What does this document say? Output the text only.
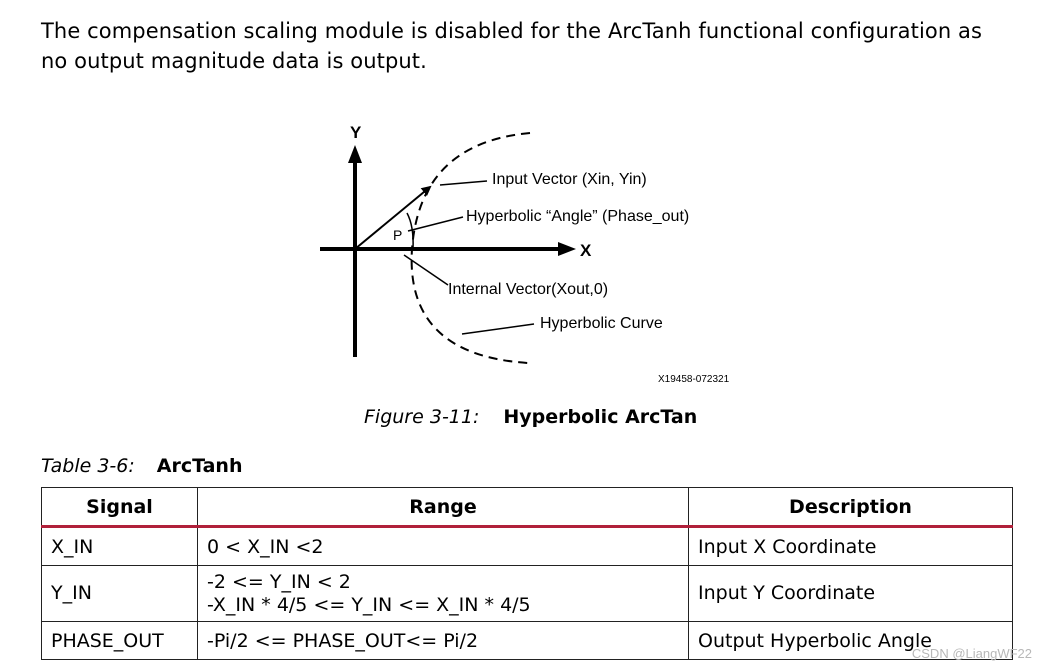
The compensation scaling module is disabled for the ArcTanh functional configuration as
no output magnitude data is output.
Y
X
P
Input Vector (Xin, Yin)
Hyperbolic “Angle” (Phase_out)
Internal Vector(Xout,0)
Hyperbolic Curve
X19458-072321
Figure 3-11: Hyperbolic ArcTan
Table 3-6: ArcTanh
Signal	Range	Description
X_IN	0 < X_IN <2	Input X Coordinate
Y_IN	-2 <= Y_IN < 2
-X_IN * 4/5 <= Y_IN <= X_IN * 4/5	Input Y Coordinate
PHASE_OUT	-Pi/2 <= PHASE_OUT<= Pi/2	Output Hyperbolic Angle
CSDN @LiangWF22
